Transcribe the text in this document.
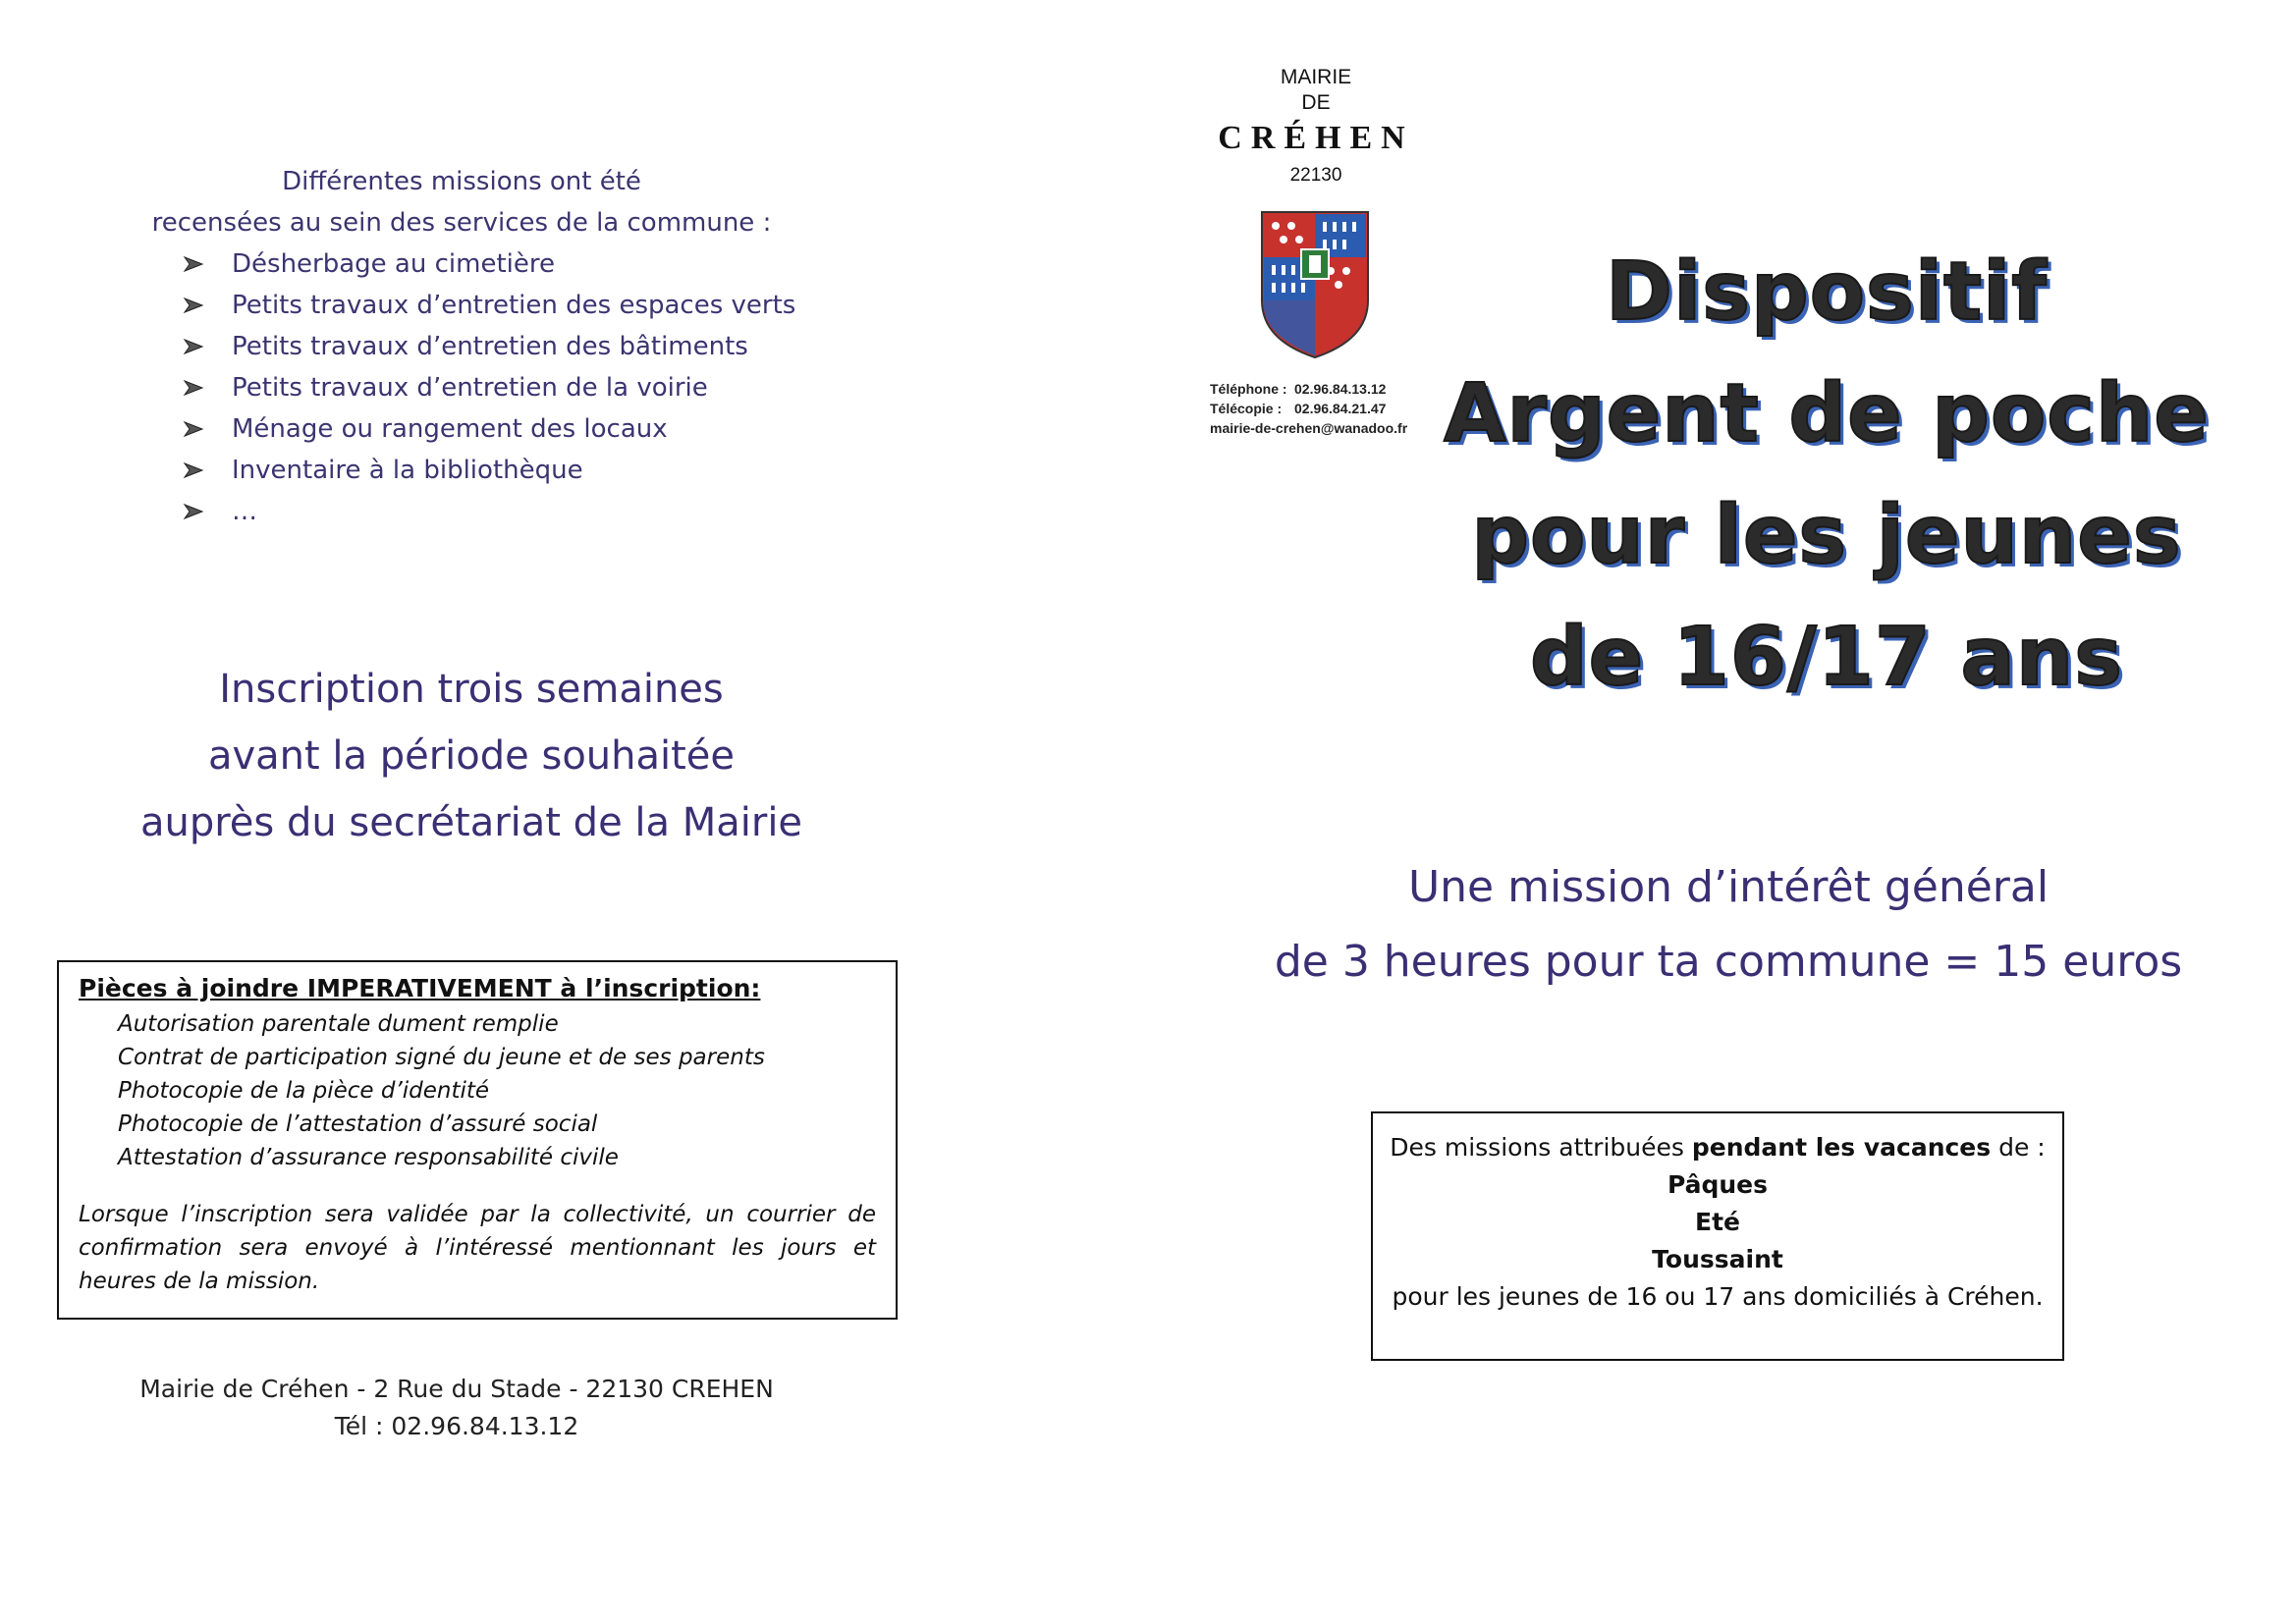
Différentes missions ont été
recensées au sein des services de la commune :
Désherbage au cimetière
Petits travaux d’entretien des espaces verts
Petits travaux d’entretien des bâtiments
Petits travaux d’entretien de la voirie
Ménage ou rangement des locaux
Inventaire à la bibliothèque
…
Inscription trois semaines
avant la période souhaitée
auprès du secrétariat de la Mairie
Pièces à joindre IMPERATIVEMENT à l’inscription:
Autorisation parentale dument remplie
Contrat de participation signé du jeune et de ses parents
Photocopie de la pièce d’identité
Photocopie de l’attestation d’assuré social
Attestation d’assurance responsabilité civile
Lorsque l’inscription sera validée par la collectivité, un courrier de confirmation sera envoyé à l’intéressé mentionnant les jours et heures de la mission.
Mairie de Créhen - 2 Rue du Stade - 22130 CREHEN
Tél : 02.96.84.13.12
MAIRIE
DE
CRÉHEN
22130
Téléphone : 02.96.84.13.12
Télécopie : 02.96.84.21.47
mairie-de-crehen@wanadoo.fr
Dispositif
Argent de poche
pour les jeunes
de 16/17 ans
Une mission d’intérêt général
de 3 heures pour ta commune = 15 euros
Des missions attribuées pendant les vacances de :
Pâques
Eté
Toussaint
pour les jeunes de 16 ou 17 ans domiciliés à Créhen.
